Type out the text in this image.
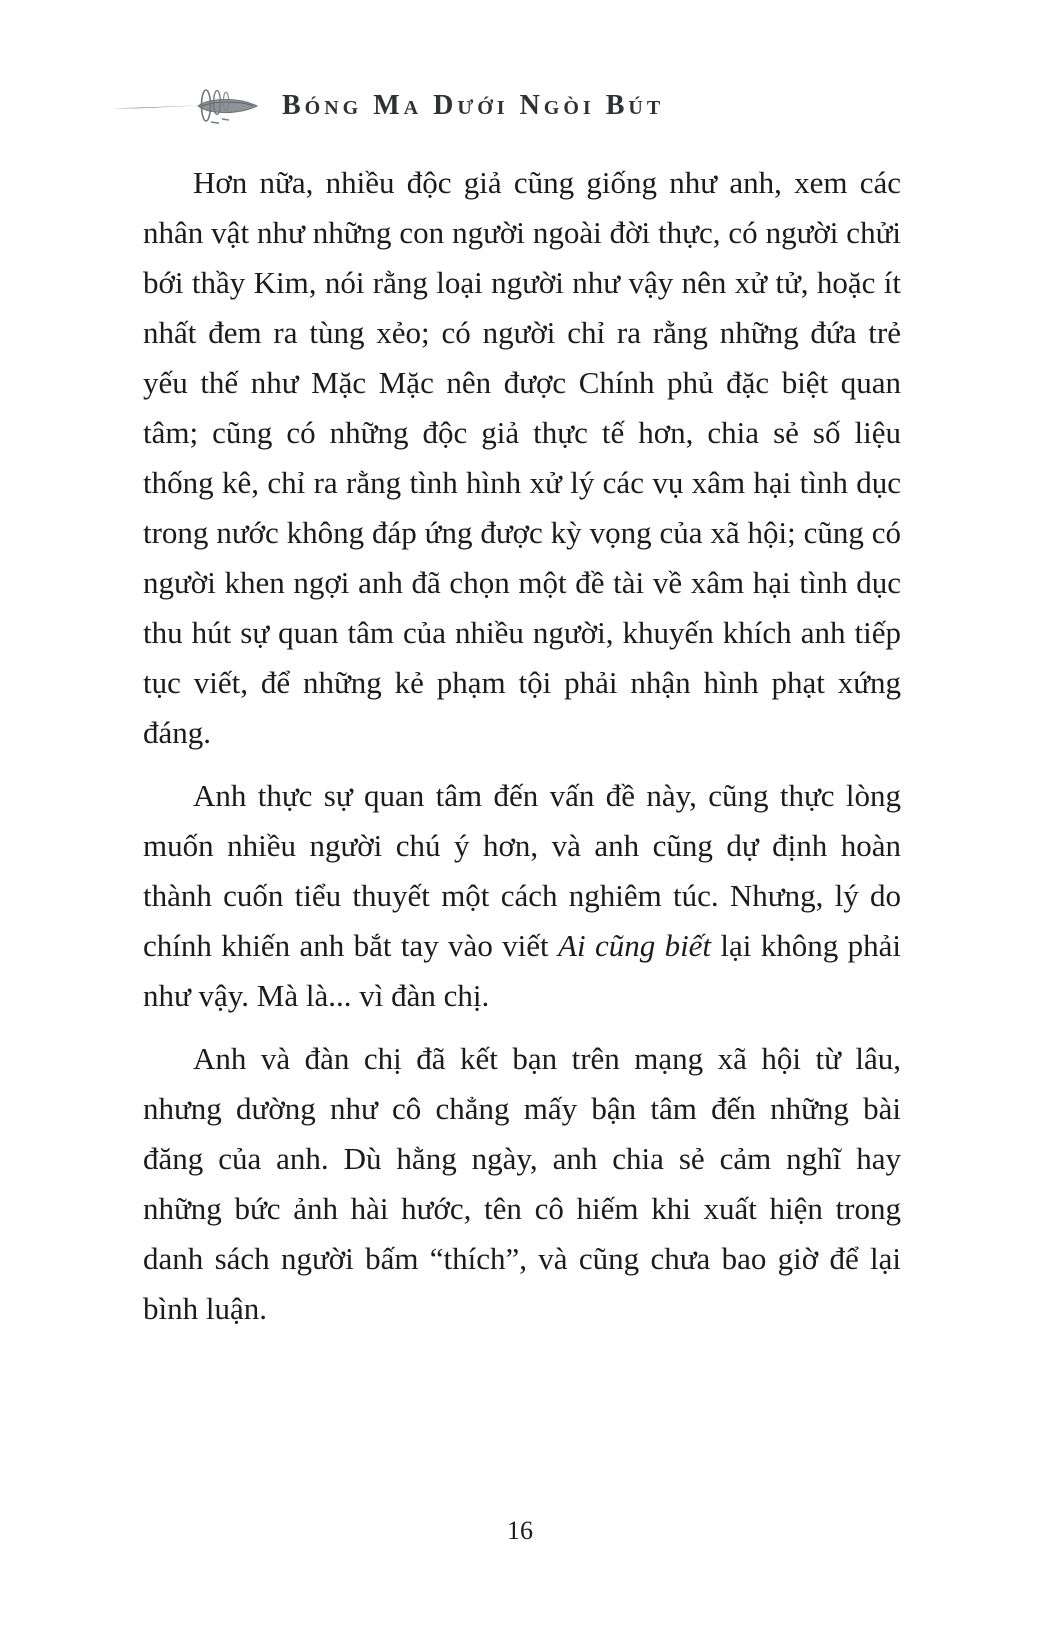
Bóng Ma Dưới Ngòi Bút

Hơn nữa, nhiều độc giả cũng giống như anh, xem các nhân vật như những con người ngoài đời thực, có người chửi bới thầy Kim, nói rằng loại người như vậy nên xử tử, hoặc ít nhất đem ra tùng xẻo; có người chỉ ra rằng những đứa trẻ yếu thế như Mặc Mặc nên được Chính phủ đặc biệt quan tâm; cũng có những độc giả thực tế hơn, chia sẻ số liệu thống kê, chỉ ra rằng tình hình xử lý các vụ xâm hại tình dục trong nước không đáp ứng được kỳ vọng của xã hội; cũng có người khen ngợi anh đã chọn một đề tài về xâm hại tình dục thu hút sự quan tâm của nhiều người, khuyến khích anh tiếp tục viết, để những kẻ phạm tội phải nhận hình phạt xứng đáng.

Anh thực sự quan tâm đến vấn đề này, cũng thực lòng muốn nhiều người chú ý hơn, và anh cũng dự định hoàn thành cuốn tiểu thuyết một cách nghiêm túc. Nhưng, lý do chính khiến anh bắt tay vào viết Ai cũng biết lại không phải như vậy. Mà là... vì đàn chị.

Anh và đàn chị đã kết bạn trên mạng xã hội từ lâu, nhưng dường như cô chẳng mấy bận tâm đến những bài đăng của anh. Dù hằng ngày, anh chia sẻ cảm nghĩ hay những bức ảnh hài hước, tên cô hiếm khi xuất hiện trong danh sách người bấm “thích”, và cũng chưa bao giờ để lại bình luận.

16
